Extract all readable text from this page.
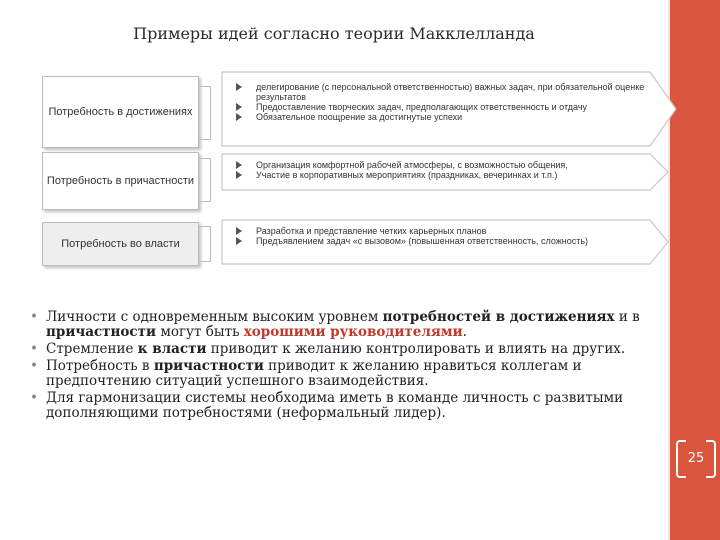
25
Примеры идей согласно теории Макклелланда
Потребность в достижениях
Потребность в причастности
Потребность во власти
делегирование (с персональной ответственностью) важных задач, при обязательной оценке результатов
Предоставление творческих задач, предполагающих ответственность и отдачу
Обязательное поощрение за достигнутые успехи
Организация комфортной рабочей атмосферы, с возможностью общения,
Участие в корпоративных мероприятиях (праздниках, вечеринках и т.п.)
Разработка и представление четких карьерных планов
Предъявлением задач «с вызовом» (повышенная ответственность, сложность)
• Личности с одновременным высоким уровнем потребностей в достижениях и в причастности могут быть хорошими руководителями.
• Стремление к власти приводит к желанию контролировать и влиять на других.
• Потребность в причастности приводит к желанию нравиться коллегам и предпочтению ситуаций успешного взаимодействия.
• Для гармонизации системы необходима иметь в команде личность с развитыми дополняющими потребностями (неформальный лидер).
